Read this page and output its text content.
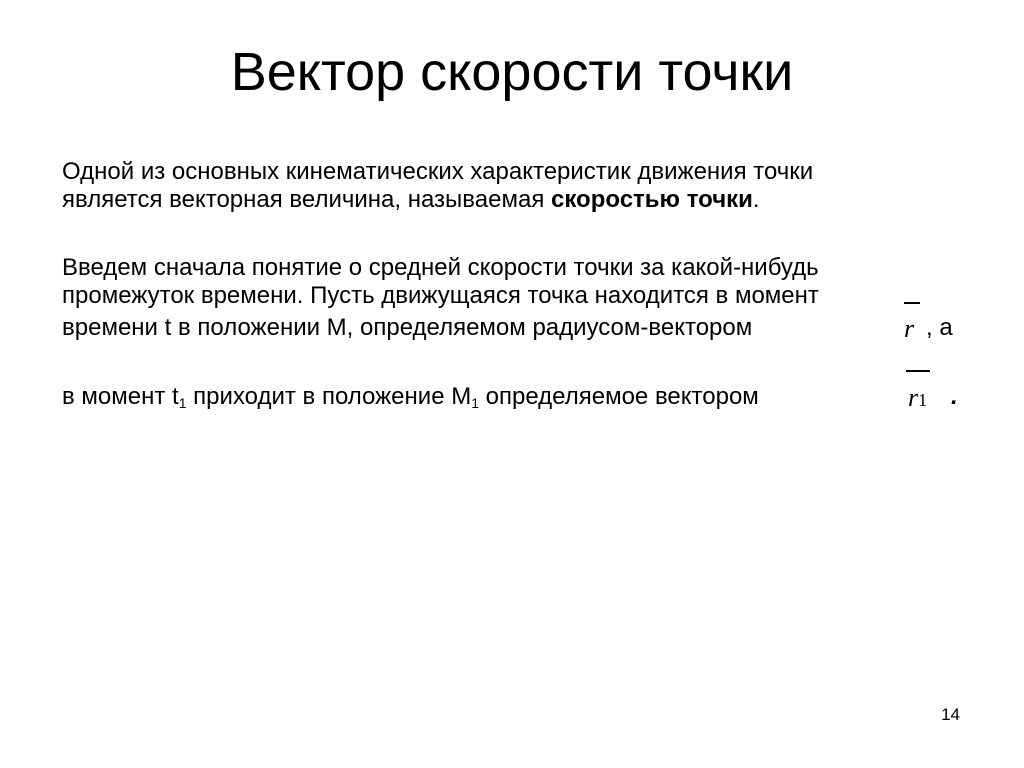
Вектор скорости точки

Одной из основных кинематических характеристик движения точки
является векторная величина, называемая скоростью точки.

Введем сначала понятие о средней скорости точки за какой-нибудь
промежуток времени. Пусть движущаяся точка находится в момент

времени t в положении М, определяемом радиусом-вектором	r , а

в момент $t_1$ приходит в положение $М_1$ определяемое вектором	r1 .
14
